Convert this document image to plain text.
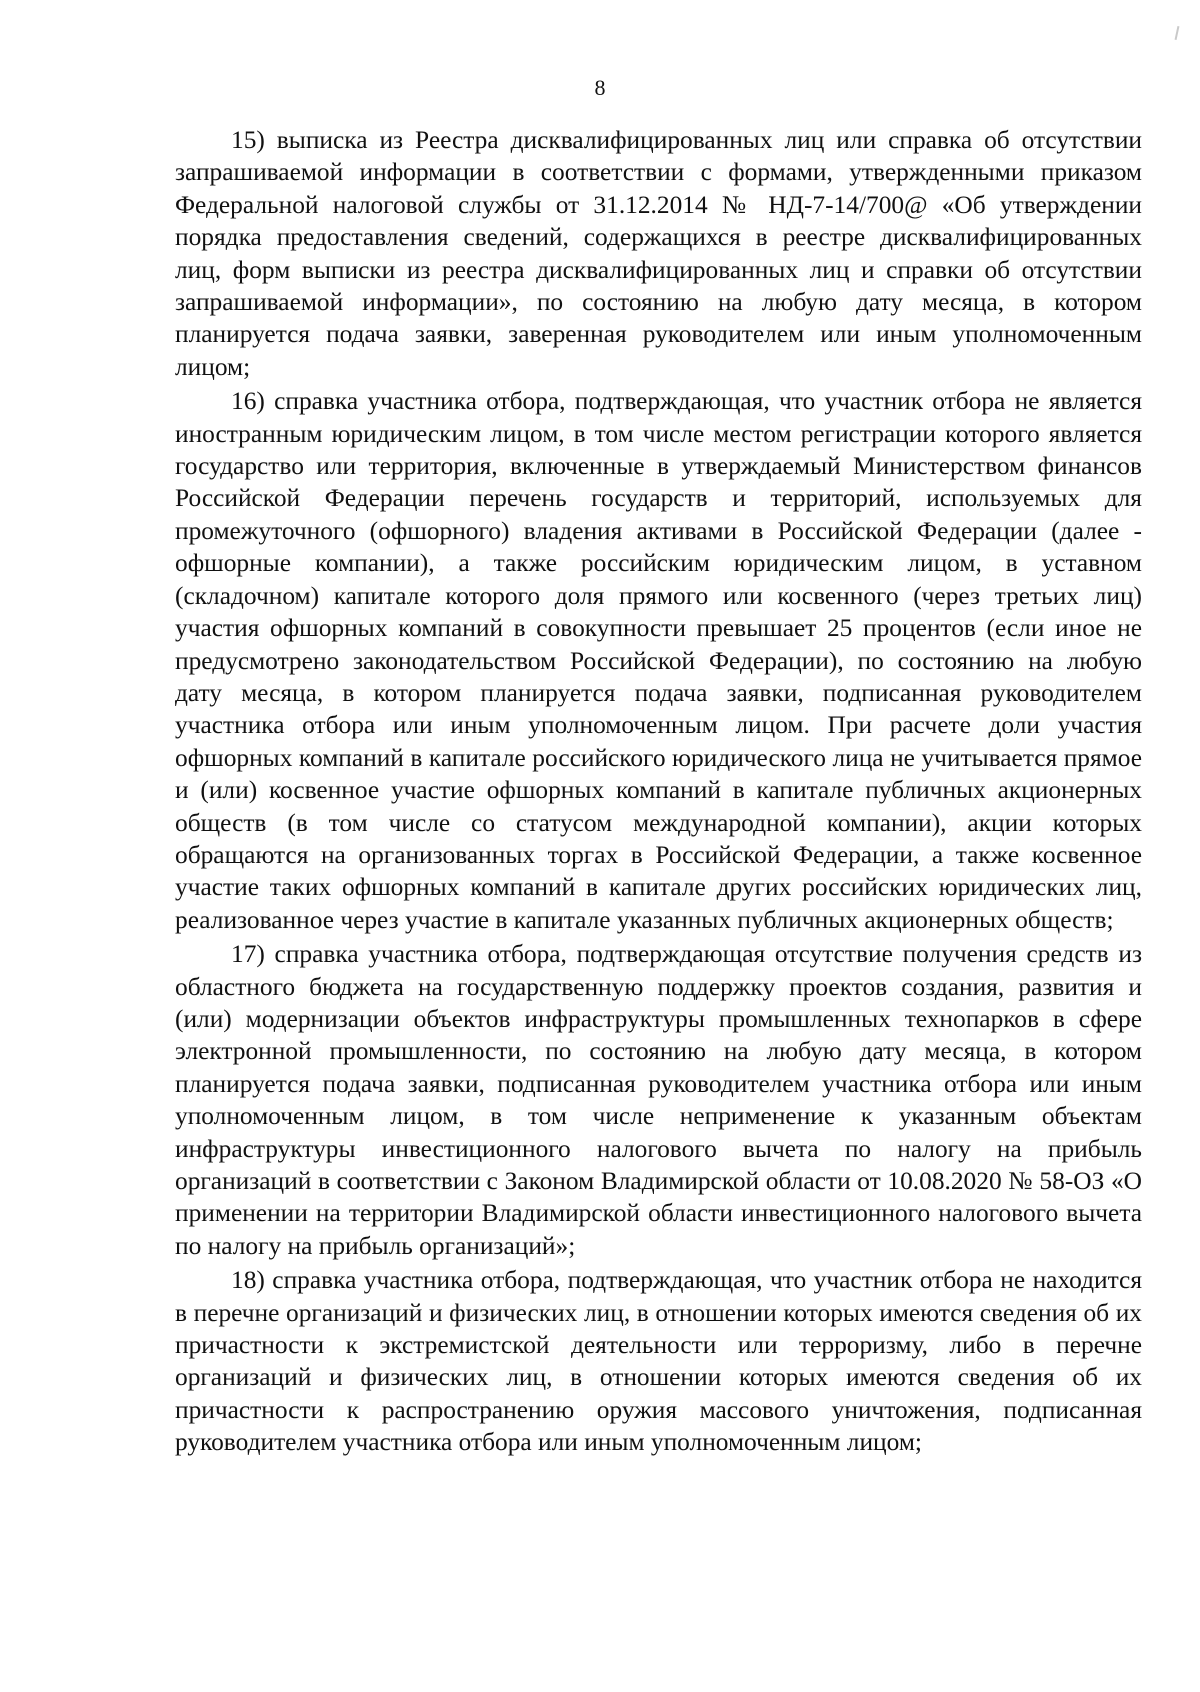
8

15) выписка из Реестра дисквалифицированных лиц или справка об отсутствии запрашиваемой информации в соответствии с формами, утвержденными приказом Федеральной налоговой службы от 31.12.2014 № НД-7-14/700@ «Об утверждении порядка предоставления сведений, содержащихся в реестре дисквалифицированных лиц, форм выписки из реестра дисквалифицированных лиц и справки об отсутствии запрашиваемой информации», по состоянию на любую дату месяца, в котором планируется подача заявки, заверенная руководителем или иным уполномоченным лицом;

16) справка участника отбора, подтверждающая, что участник отбора не является иностранным юридическим лицом, в том числе местом регистрации которого является государство или территория, включенные в утверждаемый Министерством финансов Российской Федерации перечень государств и территорий, используемых для промежуточного (офшорного) владения активами в Российской Федерации (далее - офшорные компании), а также российским юридическим лицом, в уставном (складочном) капитале которого доля прямого или косвенного (через третьих лиц) участия офшорных компаний в совокупности превышает 25 процентов (если иное не предусмотрено законодательством Российской Федерации), по состоянию на любую дату месяца, в котором планируется подача заявки, подписанная руководителем участника отбора или иным уполномоченным лицом. При расчете доли участия офшорных компаний в капитале российского юридического лица не учитывается прямое и (или) косвенное участие офшорных компаний в капитале публичных акционерных обществ (в том числе со статусом международной компании), акции которых обращаются на организованных торгах в Российской Федерации, а также косвенное участие таких офшорных компаний в капитале других российских юридических лиц, реализованное через участие в капитале указанных публичных акционерных обществ;

17) справка участника отбора, подтверждающая отсутствие получения средств из областного бюджета на государственную поддержку проектов создания, развития и (или) модернизации объектов инфраструктуры промышленных технопарков в сфере электронной промышленности, по состоянию на любую дату месяца, в котором планируется подача заявки, подписанная руководителем участника отбора или иным уполномоченным лицом, в том числе неприменение к указанным объектам инфраструктуры инвестиционного налогового вычета по налогу на прибыль организаций в соответствии с Законом Владимирской области от 10.08.2020 № 58-ОЗ «О применении на территории Владимирской области инвестиционного налогового вычета по налогу на прибыль организаций»;

18) справка участника отбора, подтверждающая, что участник отбора не находится в перечне организаций и физических лиц, в отношении которых имеются сведения об их причастности к экстремистской деятельности или терроризму, либо в перечне организаций и физических лиц, в отношении которых имеются сведения об их причастности к распространению оружия массового уничтожения, подписанная руководителем участника отбора или иным уполномоченным лицом;
